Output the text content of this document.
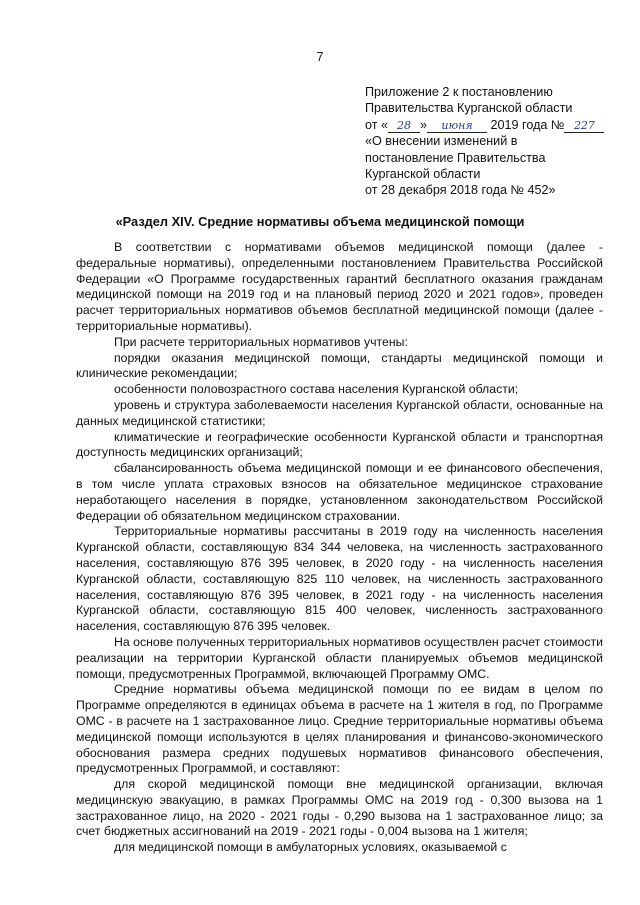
7
Приложение 2 к постановлению
Правительства Курганской области
от « 28 » июня 2019 года № 227
«О внесении изменений в
постановление Правительства
Курганской области
от 28 декабря 2018 года № 452»
«Раздел XIV. Средние нормативы объема медицинской помощи

В соответствии с нормативами объемов медицинской помощи (далее - федеральные нормативы), определенными постановлением Правительства Российской Федерации «О Программе государственных гарантий бесплатного оказания гражданам медицинской помощи на 2019 год и на плановый период 2020 и 2021 годов», проведен расчет территориальных нормативов объемов бесплатной медицинской помощи (далее - территориальные нормативы).

При расчете территориальных нормативов учтены:

порядки оказания медицинской помощи, стандарты медицинской помощи и клинические рекомендации;

особенности половозрастного состава населения Курганской области;

уровень и структура заболеваемости населения Курганской области, основанные на данных медицинской статистики;

климатические и географические особенности Курганской области и транспортная доступность медицинских организаций;

сбалансированность объема медицинской помощи и ее финансового обеспечения, в том числе уплата страховых взносов на обязательное медицинское страхование неработающего населения в порядке, установленном законодательством Российской Федерации об обязательном медицинском страховании.

Территориальные нормативы рассчитаны в 2019 году на численность населения Курганской области, составляющую 834 344 человека, на численность застрахованного населения, составляющую 876 395 человек, в 2020 году - на численность населения Курганской области, составляющую 825 110 человек, на численность застрахованного населения, составляющую 876 395 человек, в 2021 году - на численность населения Курганской области, составляющую 815 400 человек, численность застрахованного населения, составляющую 876 395 человек.

На основе полученных территориальных нормативов осуществлен расчет стоимости реализации на территории Курганской области планируемых объемов медицинской помощи, предусмотренных Программой, включающей Программу ОМС.

Средние нормативы объема медицинской помощи по ее видам в целом по Программе определяются в единицах объема в расчете на 1 жителя в год, по Программе ОМС - в расчете на 1 застрахованное лицо. Средние территориальные нормативы объема медицинской помощи используются в целях планирования и финансово-экономического обоснования размера средних подушевых нормативов финансового обеспечения, предусмотренных Программой, и составляют:

для скорой медицинской помощи вне медицинской организации, включая медицинскую эвакуацию, в рамках Программы ОМС на 2019 год - 0,300 вызова на 1 застрахованное лицо, на 2020 - 2021 годы - 0,290 вызова на 1 застрахованное лицо; за счет бюджетных ассигнований на 2019 - 2021 годы - 0,004 вызова на 1 жителя;

для медицинской помощи в амбулаторных условиях, оказываемой с
